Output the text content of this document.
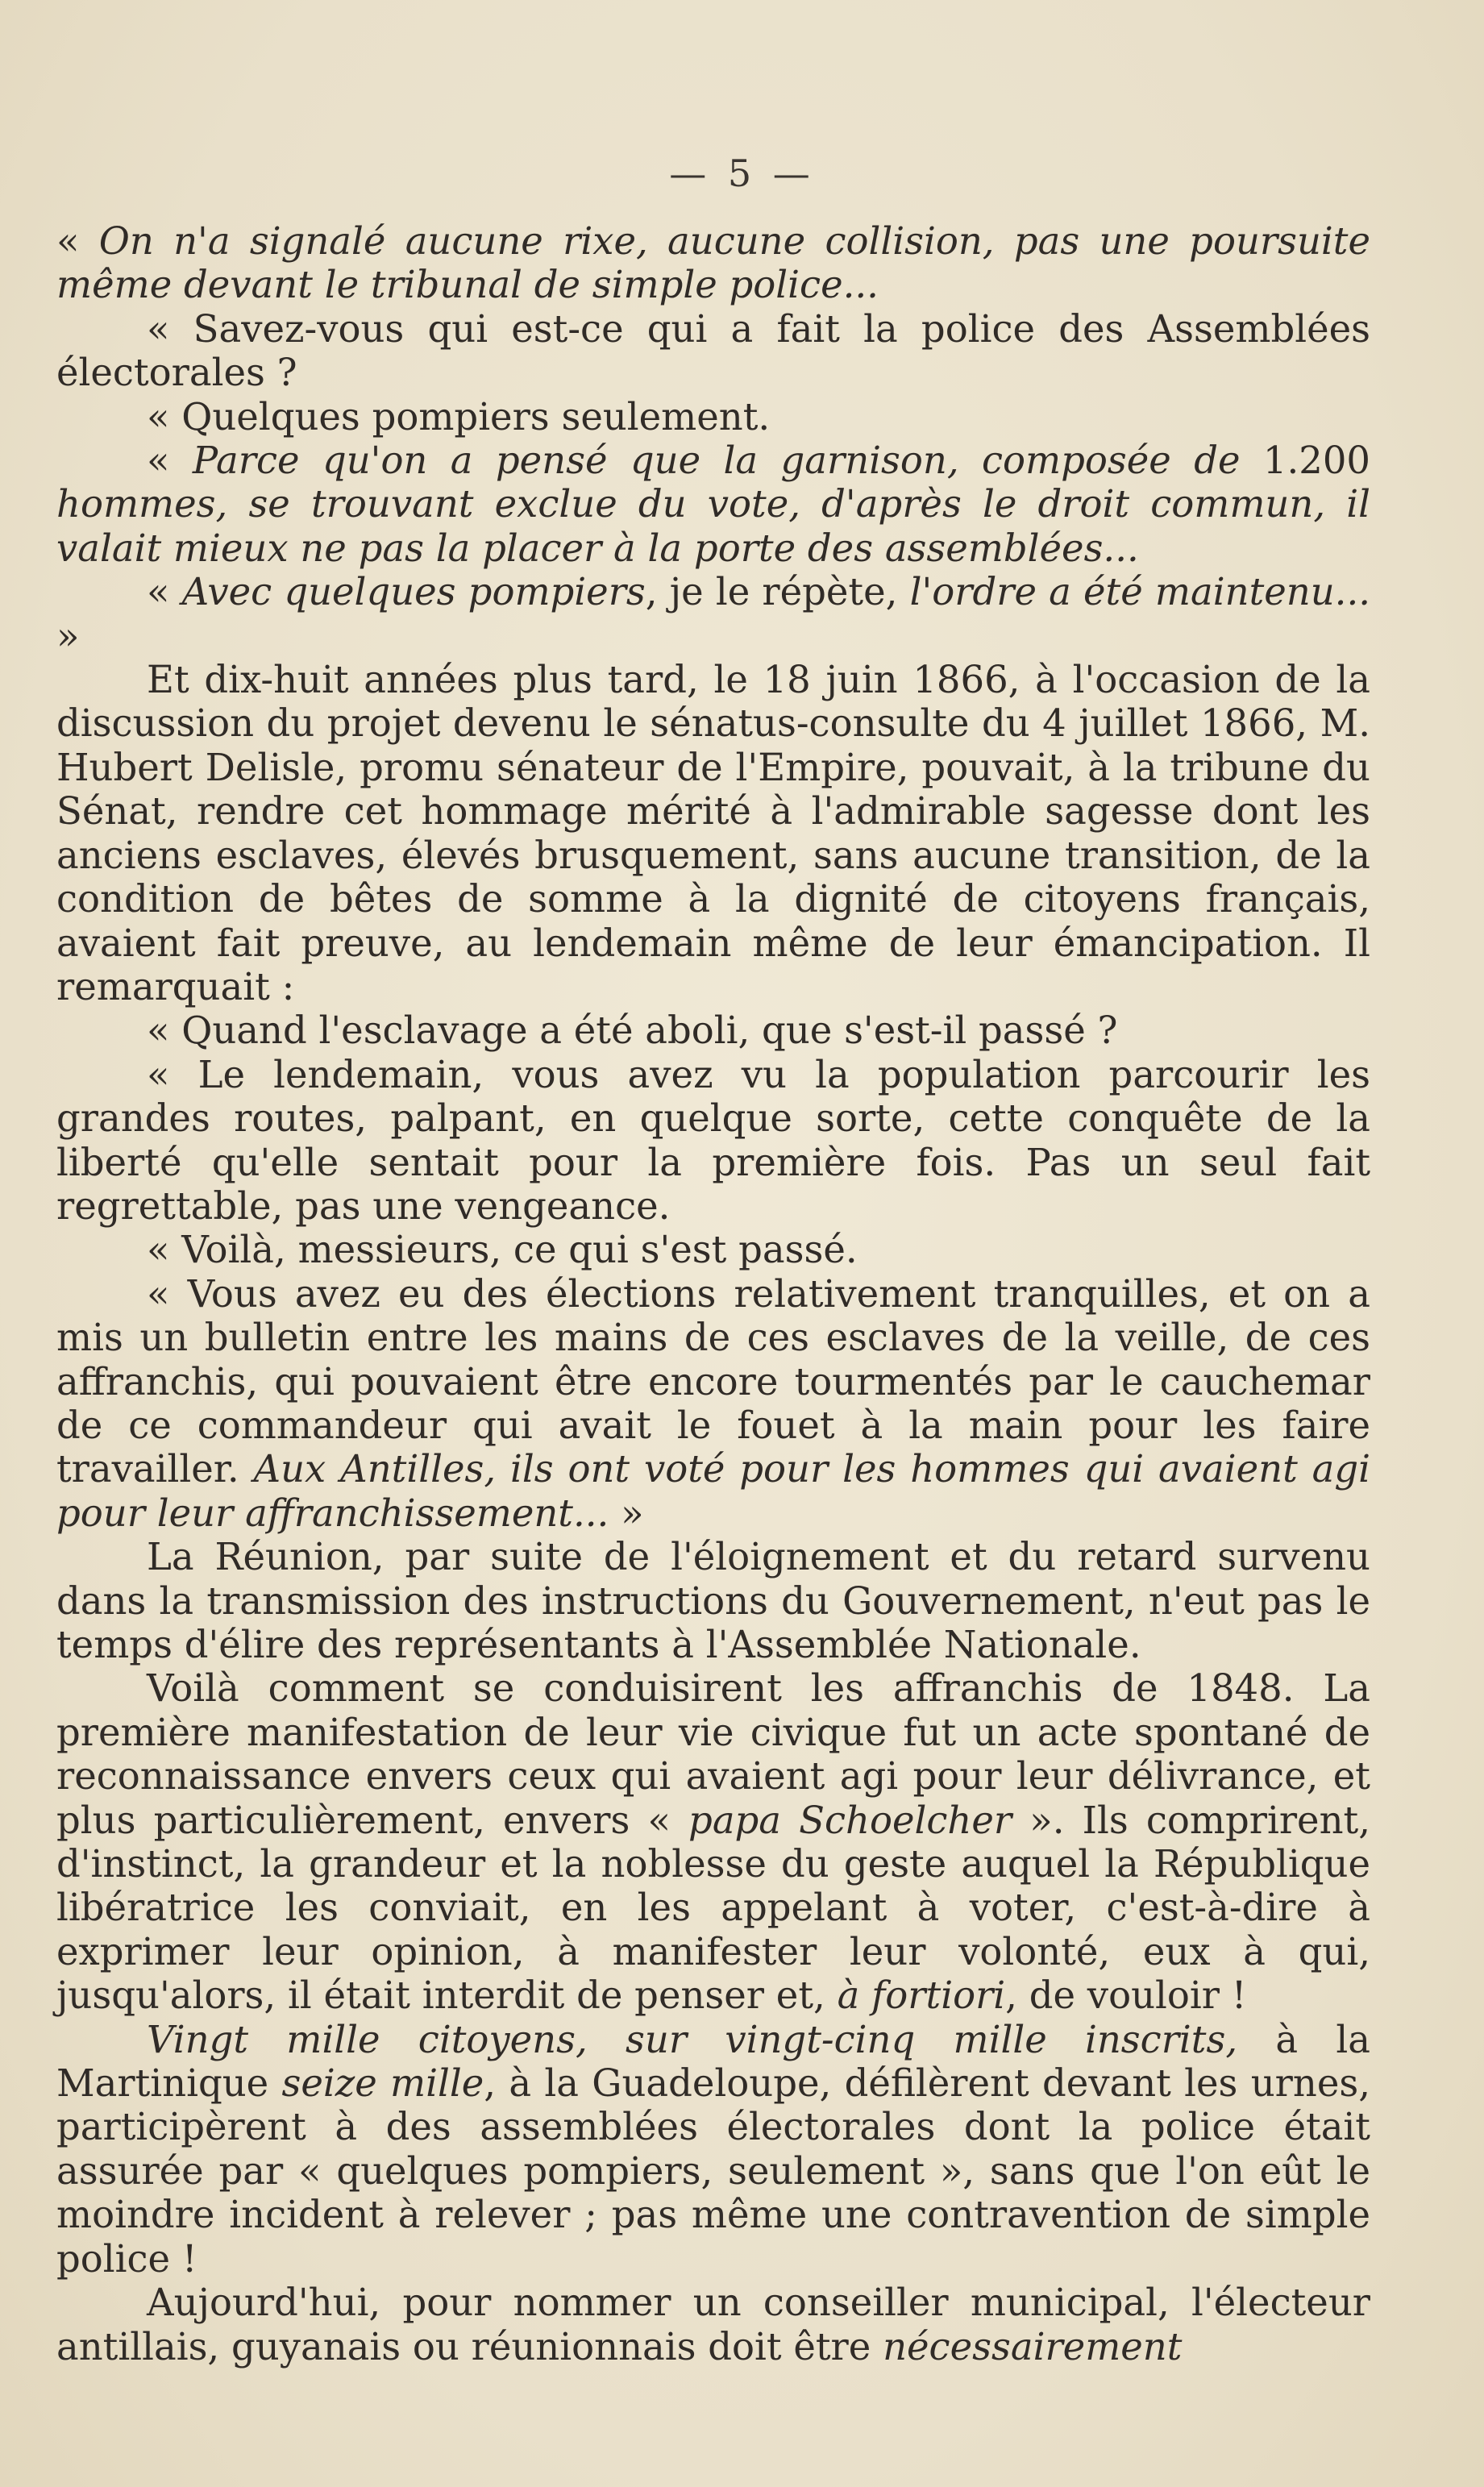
— 5 —

« On n'a signalé aucune rixe, aucune collision, pas une poursuite même devant le tribunal de simple police...

« Savez-vous qui est-ce qui a fait la police des Assemblées électorales ?

« Quelques pompiers seulement.

« Parce qu'on a pensé que la garnison, composée de 1.200 hommes, se trouvant exclue du vote, d'après le droit commun, il valait mieux ne pas la placer à la porte des assemblées...

« Avec quelques pompiers, je le répète, l'ordre a été maintenu... »

Et dix-huit années plus tard, le 18 juin 1866, à l'occasion de la discussion du projet devenu le sénatus-consulte du 4 juillet 1866, M. Hubert Delisle, promu sénateur de l'Empire, pouvait, à la tribune du Sénat, rendre cet hommage mérité à l'admirable sagesse dont les anciens esclaves, élevés brusquement, sans aucune transition, de la condition de bêtes de somme à la dignité de citoyens français, avaient fait preuve, au lendemain même de leur émancipation. Il remarquait :

« Quand l'esclavage a été aboli, que s'est-il passé ?

« Le lendemain, vous avez vu la population parcourir les grandes routes, palpant, en quelque sorte, cette conquête de la liberté qu'elle sentait pour la première fois. Pas un seul fait regrettable, pas une vengeance.

« Voilà, messieurs, ce qui s'est passé.

« Vous avez eu des élections relativement tranquilles, et on a mis un bulletin entre les mains de ces esclaves de la veille, de ces affranchis, qui pouvaient être encore tourmentés par le cauchemar de ce commandeur qui avait le fouet à la main pour les faire travailler. Aux Antilles, ils ont voté pour les hommes qui avaient agi pour leur affranchissement... »

La Réunion, par suite de l'éloignement et du retard survenu dans la transmission des instructions du Gouvernement, n'eut pas le temps d'élire des représentants à l'Assemblée Nationale.

Voilà comment se conduisirent les affranchis de 1848. La première manifestation de leur vie civique fut un acte spontané de reconnaissance envers ceux qui avaient agi pour leur délivrance, et plus particulièrement, envers « papa Schoelcher ». Ils comprirent, d'instinct, la grandeur et la noblesse du geste auquel la République libératrice les conviait, en les appelant à voter, c'est-à-dire à exprimer leur opinion, à manifester leur volonté, eux à qui, jusqu'alors, il était interdit de penser et, à fortiori, de vouloir !

Vingt mille citoyens, sur vingt-cinq mille inscrits, à la Martinique seize mille, à la Guadeloupe, défilèrent devant les urnes, participèrent à des assemblées électorales dont la police était assurée par « quelques pompiers, seulement », sans que l'on eût le moindre incident à relever ; pas même une contravention de simple police !

Aujourd'hui, pour nommer un conseiller municipal, l'électeur antillais, guyanais ou réunionnais doit être nécessairement
